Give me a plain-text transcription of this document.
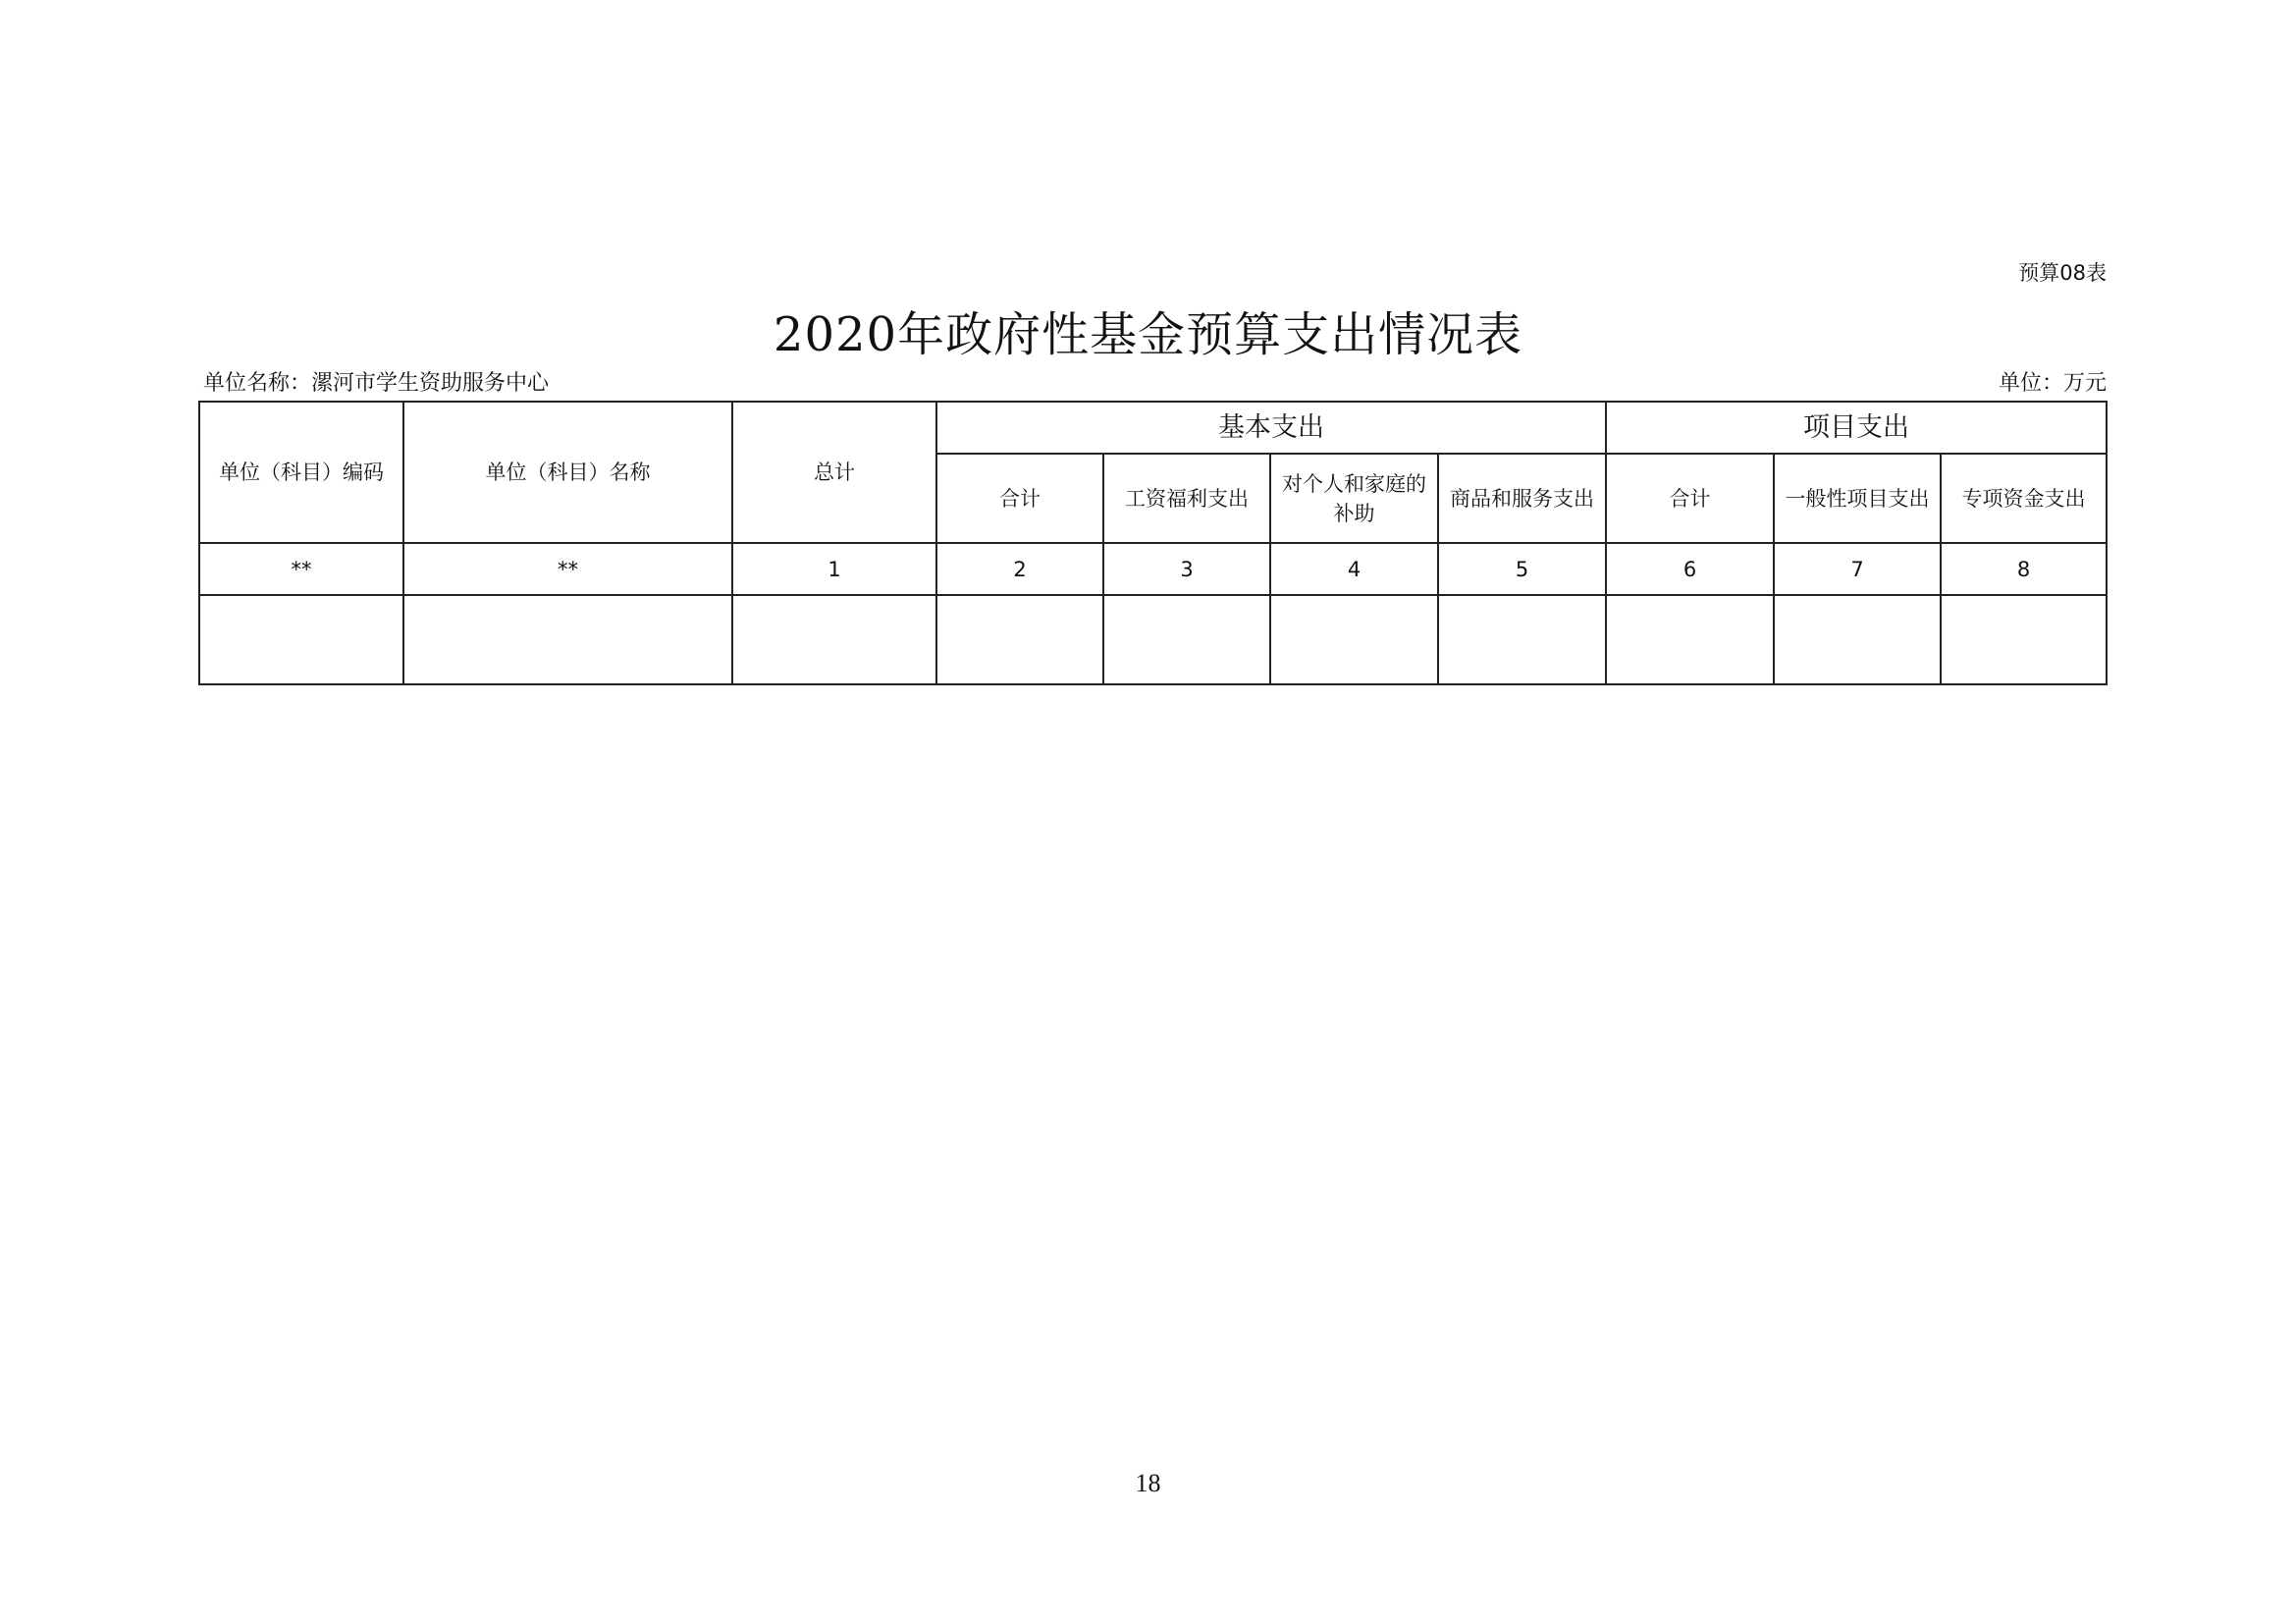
预算08表
2020年政府性基金预算支出情况表
单位名称：漯河市学生资助服务中心	单位：万元
单位（科目）编码	单位（科目）名称	总计	基本支出				项目支出		
			合计	工资福利支出	对个人和家庭的补助	商品和服务支出	合计	一般性项目支出	专项资金支出
**	**	1	2	3	4	5	6	7	8

18
